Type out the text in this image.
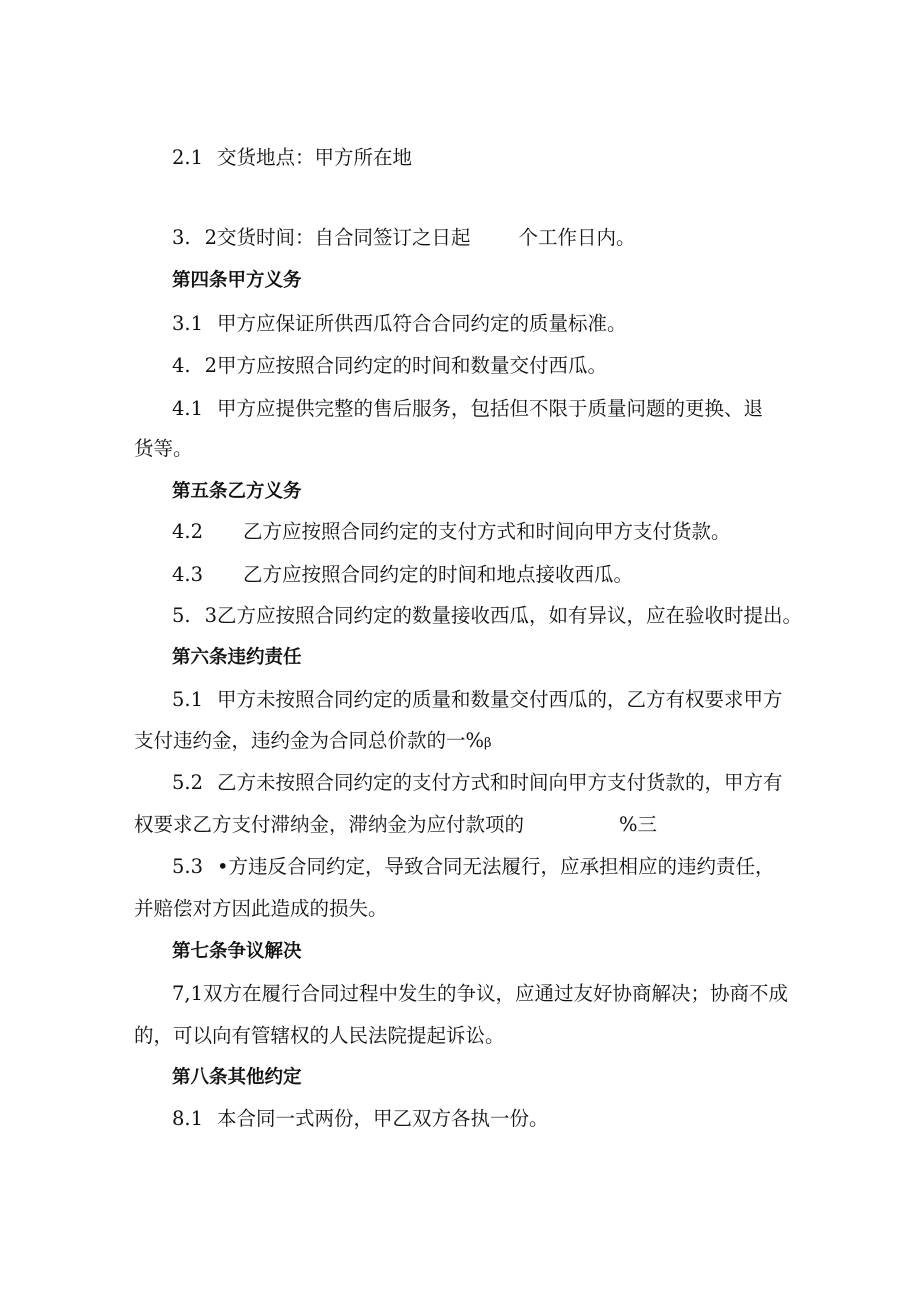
2.1 交货地点：甲方所在地
3. 2交货时间：自合同签订之日起 个工作日内。
第四条甲方义务
3.1 甲方应保证所供西瓜符合合同约定的质量标准。
4. 2甲方应按照合同约定的时间和数量交付西瓜。
4.1 甲方应提供完整的售后服务，包括但不限于质量问题的更换、退
货等。
第五条乙方义务
4.2 乙方应按照合同约定的支付方式和时间向甲方支付货款。
4.3 乙方应按照合同约定的时间和地点接收西瓜。
5. 3乙方应按照合同约定的数量接收西瓜，如有异议，应在验收时提出。
第六条违约责任
5.1 甲方未按照合同约定的质量和数量交付西瓜的，乙方有权要求甲方
支付违约金，违约金为合同总价款的一%β
5.2 乙方未按照合同约定的支付方式和时间向甲方支付货款的，甲方有
权要求乙方支付滞纳金，滞纳金为应付款项的	%三
5.3 •方违反合同约定，导致合同无法履行，应承担相应的违约责任，
并赔偿对方因此造成的损失。
第七条争议解决
7,1双方在履行合同过程中发生的争议，应通过友好协商解决；协商不成
的，可以向有管辖权的人民法院提起诉讼。
第八条其他约定
8.1 本合同一式两份，甲乙双方各执一份。
